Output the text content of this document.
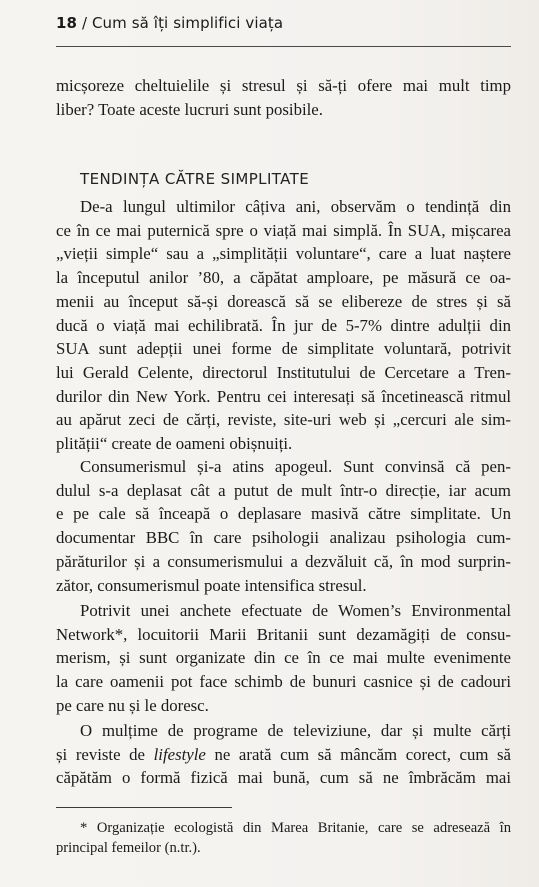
18 / Cum să îți simplifici viața
micșoreze cheltuielile și stresul și să-ți ofere mai mult timp
liber? Toate aceste lucruri sunt posibile.
TENDINȚA CĂTRE SIMPLITATE
De-a lungul ultimilor câțiva ani, observăm o tendință din
ce în ce mai puternică spre o viață mai simplă. În SUA, mișcarea
„vieții simple“ sau a „simplității voluntare“, care a luat naștere
la începutul anilor ’80, a căpătat amploare, pe măsură ce oa-
menii au început să-și dorească să se elibereze de stres și să
ducă o viață mai echilibrată. În jur de 5-7% dintre adulții din
SUA sunt adepții unei forme de simplitate voluntară, potrivit
lui Gerald Celente, directorul Institutului de Cercetare a Tren-
durilor din New York. Pentru cei interesați să încetinească ritmul
au apărut zeci de cărți, reviste, site-uri web și „cercuri ale sim-
plității“ create de oameni obișnuiți.
Consumerismul și-a atins apogeul. Sunt convinsă că pen-
dulul s-a deplasat cât a putut de mult într-o direcție, iar acum
e pe cale să înceapă o deplasare masivă către simplitate. Un
documentar BBC în care psihologii analizau psihologia cum-
părăturilor și a consumerismului a dezvăluit că, în mod surprin-
zător, consumerismul poate intensifica stresul.
Potrivit unei anchete efectuate de Women’s Environmental
Network*, locuitorii Marii Britanii sunt dezamăgiți de consu-
merism, și sunt organizate din ce în ce mai multe evenimente
la care oamenii pot face schimb de bunuri casnice și de cadouri
pe care nu și le doresc.
O mulțime de programe de televiziune, dar și multe cărți
și reviste de lifestyle ne arată cum să mâncăm corect, cum să
căpătăm o formă fizică mai bună, cum să ne îmbrăcăm mai
* Organizație ecologistă din Marea Britanie, care se adresează în
principal femeilor (n.tr.).
